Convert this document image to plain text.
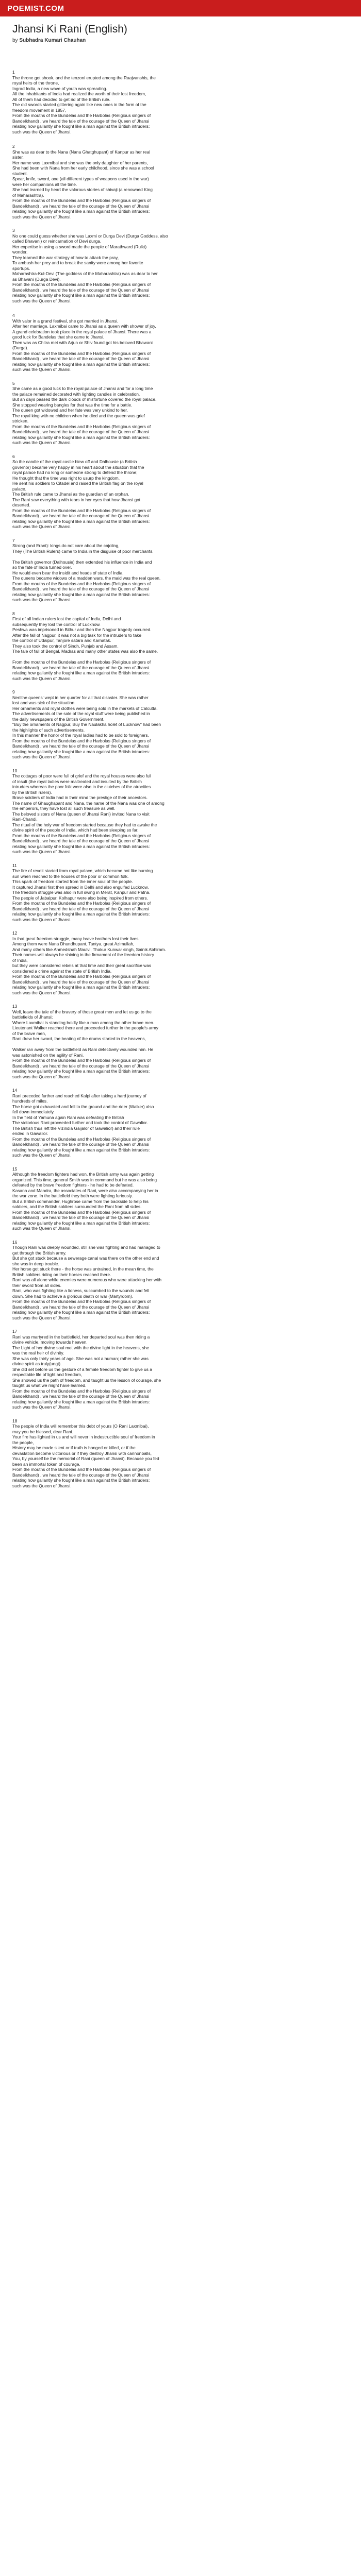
POEMIST.COM
Jhansi Ki Rani (English)
by Subhadra Kumari Chauhan
1
The throne got shook, and the tenzoni erupted among the Raajvanshis, the
royal heirs of the throne,
Ingrad India, a new wave of youth was spreading.
All the inhabitants of India had realized the worth of their lost freedom,
All of them had decided to get rid of the British rule.
The old swords started glittering again like new ones in the form of the
freedom movement in 1857,
From the mouths of the Bundelas and the Harbolas (Religious singers of
Bandelkhand) , we heard the tale of the courage of the Queen of Jhansi
relating how gallantly she fought like a man against the British intruders:
such was the Queen of Jhansi.
2
She was as dear to the Nana (Nana Ghatghupant) of Kanpur as her real
sister,
Her name was Laxmibai and she was the only daughter of her parents,
She had been with Nana from her early childhood, since she was a school
student.
Spear, knife, sword, axe (all different types of weapons used in the war)
were her companions all the time.
She had learned by heart the valorous stories of shivaji (a renowned King
of Maharashtra).
From the mouths of the Bundelas and the Harbolas (Religious singers of
Bandelkhand) , we heard the tale of the courage of the Queen of Jhansi
relating how gallantly she fought like a man against the British intruders:
such was the Queen of Jhansi.
3
No one could guess whether she was Laxmi or Durga Devi (Durga Goddess, also
called Bhavani) or reincarnation of Devi durga.
Her expertise in using a sword made the people of Marathward (Rulkt)
wonder.
They learned the war strategy of how to attack the pray,
To ambush her prey and to break the sanity were among her favorite
sportups.
Maharashtra-Kul-Devi (The goddess of the Maharashtra) was as dear to her
as Bhavani (Durga Devi).
From the mouths of the Bundelas and the Harbolas (Religious singers of
Bandelkhand) , we heard the tale of the courage of the Queen of Jhansi
relating how gallantly she fought like a man against the British intruders:
such was the Queen of Jhansi.
4
With valor in a grand festival, she got married in Jhansi,
After her marriage, Laxmibai came to Jhansi as a queen with shower of joy,
A grand celebration took place in the royal palace of Jhansi. There was a
good luck for Bandelas that she came to Jhansi,
Then was as Chitra met with Arjun or Shiv found got his beloved Bhawani
(Durga).
From the mouths of the Bundelas and the Harbolas (Religious singers of
Bandelkhand) , we heard the tale of the courage of the Queen of Jhansi
relating how gallantly she fought like a man against the British intruders:
such was the Queen of Jhansi.
5
She came as a good luck to the royal palace of Jhansi and for a long time
the palace remained decorated with lighting candles in celebration.
But an days passed the dark clouds of misfortune covered the royal palace.
She stopped wearing bangles for that was the time for a battle.
The queen got widowed and her fate was very unkind to her.
The royal king with no children when he died and the queen was grief
stricken.
From the mouths of the Bundelas and the Harbolas (Religious singers of
Bandelkhand) , we heard the tale of the courage of the Queen of Jhansi
relating how gallantly she fought like a man against the British intruders:
such was the Queen of Jhansi.
6
So the candle of the royal castle blew off and Dalhousie (a British
governor) became very happy in his heart about the situation that the
royal palace had no king or someone strong to defend the throne;
He thought that the time was right to usurp the kingdom.
He sent his soldiers to Citadel and raised the British flag on the royal
palace.
The British rule came to Jhansi as the guardian of an orphan.
The Rani saw everything with tears in her eyes that how Jhansi got
deserted.
From the mouths of the Bundelas and the Harbolas (Religious singers of
Bandelkhand) , we heard the tale of the courage of the Queen of Jhansi
relating how gallantly she fought like a man against the British intruders:
such was the Queen of Jhansi.
7
Strong (and Erant): kings do not care about the cajoling,
They (The British Rulers) came to India in the disguise of poor merchants.

The British governor (Dalhousie) then extended his influence in India and
so the fate of India turned over.
He would even bear the insidit and heads of state of India.
The queens became widows of a madden wars. the maid was the real queen.
From the mouths of the Bundelas and the Harbolas (Religious singers of
Bandelkhand) , we heard the tale of the courage of the Queen of Jhansi
relating how gallantly she fought like a man against the British intruders:
such was the Queen of Jhansi.
8
First of all Indian rulers lost the capital of India, Delhi and
subsequently they lost the control of Lucknow.
Peshwa was imprisoned in Bithur and then the Nagpur tragedy occurred.
After the fall of Nagpur, it was not a big task for the intruders to take
the control of Udaipur, Tanjore satara and Karnatak.
They also took the control of Sindh, Punjab and Assam.
The tale of fall of Bengal, Madras and many other states was also the same.

From the mouths of the Bundelas and the Harbolas (Religious singers of
Bandelkhand) , we heard the tale of the courage of the Queen of Jhansi
relating how gallantly she fought like a man against the British intruders:
such was the Queen of Jhansi.
9
Nerilthe queens' wept in her quarter for all that disaster. She was rather
lost and was sick of the situation.
Her ornaments and royal clothes were being sold in the markets of Calcutta.
The advertisements of the sale of the royal stuff were being published in
the daily newspapers of the British Government.
"Buy the ornaments of Nagpur, Buy the Naulakha holet of Lucknow" had been
the highlights of such advertisements.
In this manner the honor of the royal ladies had to be sold to foreigners.
From the mouths of the Bundelas and the Harbolas (Religious singers of
Bandelkhand) , we heard the tale of the courage of the Queen of Jhansi
relating how gallantly she fought like a man against the British intruders:
such was the Queen of Jhansi.
10
The cottages of poor were full of grief and the royal houses were also full
of insult (the royal ladies were maltreated and insulted by the British
intruders whereas the poor folk were also in the clutches of the atrocities
by the British rulers).
Brave soldiers of India had in their mind the prestige of their ancestors.
The name of Ghaughapant and Nana, the name of the Nana was one of among
the emperors, they have lost all such treasure as well.
The beloved sisters of Nana (queen of Jhansi Rani) invited Nana to visit
Rani-Chandi.
The ritual of the holy war of freedom started because they had to awake the
divine spirit of the people of India, which had been sleeping so far.
From the mouths of the Bundelas and the Harbolas (Religious singers of
Bandelkhand) , we heard the tale of the courage of the Queen of Jhansi
relating how gallantly she fought like a man against the British intruders:
such was the Queen of Jhansi.
11
The fire of revolt started from royal palace, which became hot like burning
sun when reached to the houses of the poor or common folk.
This spark of freedom started from the inner soul of the people.
It captured Jhansi first then spread in Delhi and also engulfed Lucknow.
The freedom struggle was also in full swing in Merat, Kanpur and Patna.
The people of Jabalpur, Kolhapur were also being inspired from others.
From the mouths of the Bundelas and the Harbolas (Religious singers of
Bandelkhand) , we heard the tale of the courage of the Queen of Jhansi
relating how gallantly she fought like a man against the British intruders:
such was the Queen of Jhansi.
12
In that great freedom struggle, many brave brothers lost their lives.
Among them were Nana Dhundhupant, Tantya, great Azimullah,
And many others like Ahmedshah Maulvi, Thakur Kunwar singh, Sainik Abhiram.
Their names will always be shining in the firmament of the freedom history
of India,
but they were considered rebels at that time and their great sacrifice was
considered a crime against the state of British India.
From the mouths of the Bundelas and the Harbolas (Religious singers of
Bandelkhand) , we heard the tale of the courage of the Queen of Jhansi
relating how gallantly she fought like a man against the British intruders:
such was the Queen of Jhansi.
13
Well, leave the tale of the bravery of those great men and let us go to the
battlefields of Jhansi;
Where Laxmibai is standing boldly like a man among the other brave men.
Lieutenant Walker reached there and proceeded further in the people's army
of the brave men,
Rani drew her sword, the beating of the drums started in the heavens,

Walker ran away from the battlefield as Rani defectively wounded him. He
was astonished on the agility of Rani.
From the mouths of the Bundelas and the Harbolas (Religious singers of
Bandelkhand) , we heard the tale of the courage of the Queen of Jhansi
relating how gallantly she fought like a man against the British intruders:
such was the Queen of Jhansi.
14
Rani preceded further and reached Kalpi after taking a hard journey of
hundreds of miles.
The horse got exhausted and fell to the ground and the rider (Walker) also
fell down immediately.
In the field of Yamuna again Rani was defeating the British
The victorious Rani proceeded further and took the control of Gawalior.
The British thus left the Vizindia Gaijalor of Gawalior) and their rule
ended in Gawalior.
From the mouths of the Bundelas and the Harbolas (Religious singers of
Bandelkhand) , we heard the tale of the courage of the Queen of Jhansi
relating how gallantly she fought like a man against the British intruders:
such was the Queen of Jhansi.
15
Although the freedom fighters had won, the British army was again getting
organized. This time, general Smith was in command but he was also being
defeated by the brave freedom fighters - he had to be defeated.
Kasana and Mandra, the associates of Rani, were also accompanying her in
the war zone. In the battlefield they both were fighting furiously.
But a British commander, Hughrose came from the backside to help his
soldiers, and the British soldiers surrounded the Rani from all sides.
From the mouths of the Bundelas and the Harbolas (Religious singers of
Bandelkhand) , we heard the tale of the courage of the Queen of Jhansi
relating how gallantly she fought like a man against the British intruders:
such was the Queen of Jhansi.
16
Though Rani was deeply wounded, still she was fighting and had managed to
get through the British army.
But she got stuck because a sewerage canal was there on the other end and
she was in deep trouble.
Her horse got stuck there - the horse was untrained, in the mean time, the
British soldiers riding on their horses reached there.
Rani was all alone while enemies were numerous who were attacking her with
their sword from all sides.
Rani, who was fighting like a lioness, succumbed to the wounds and fell
down. She had to achieve a glorious death or war (Martyrdom).
From the mouths of the Bundelas and the Harbolas (Religious singers of
Bandelkhand) , we heard the tale of the courage of the Queen of Jhansi
relating how gallantly she fought like a man against the British intruders:
such was the Queen of Jhansi.
17
Rani was martyred in the battlefield, her departed soul was then riding a
divine vehicle, moving towards heaven.
The Light of her divine soul met with the divine light in the heavens, she
was the real heir of divinity.
She was only thirty years of age. She was not a human; rather she was
divine spirit as truly(ungt).
She did set before us the gesture of a female freedom fighter to give us a
respectable life of light and freedom,
She showed us the path of freedom, and taught us the lesson of courage, she
taught us what we might have learned.
From the mouths of the Bundelas and the Harbolas (Religious singers of
Bandelkhand) , we heard the tale of the courage of the Queen of Jhansi
relating how gallantly she fought like a man against the British intruders:
such was the Queen of Jhansi.
18
The people of India will remember this debt of yours (O Rani Laxmibai),
may you be blessed, dear Rani.
Your fire has lighted in us and will never in indestructible soul of freedom in
the people,
History may be made silent or if truth is hanged or killed, or if the
devastation become victorious or if they destroy Jhansi with cannonballs,
You, by yourself be the memorial of Rani (queen of Jhansi). Because you fed
been an immortal token of courage.
From the mouths of the Bundelas and the Harbolas (Religious singers of
Bandelkhand) , we heard the tale of the courage of the Queen of Jhansi
relating how gallantly she fought like a man against the British intruders:
such was the Queen of Jhansi.
